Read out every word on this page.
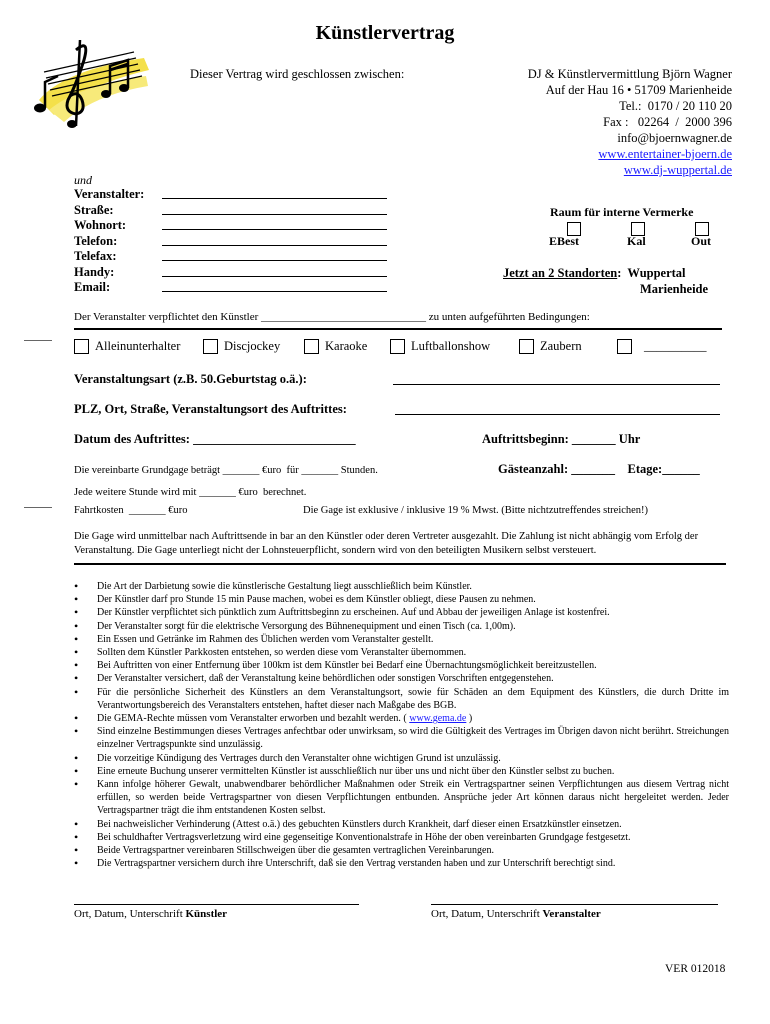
Künstlervertrag
Dieser Vertrag wird geschlossen zwischen:	DJ & Künstlervermittlung Björn Wagner
Auf der Hau 16 • 51709 Marienheide
Tel.:  0170 / 20 110 20
Fax :   02264  /  2000 396
info@bjoernwagner.de
www.entertainer-bjoern.de
www.dj-wuppertal.de
und
Veranstalter:
Straße:
Wohnort:
Telefon:
Telefax:
Handy:
Email:
Raum für interne Vermerke
EBest	Kal	Out
Jetzt an 2 Standorten:  Wuppertal
Marienheide
Der Veranstalter verpflichtet den Künstler ______________________________ zu unten aufgeführten Bedingungen:
Alleinunterhalter	Discjockey	Karaoke	Luftballonshow	Zaubern	__________
Veranstaltungsart (z.B. 50.Geburtstag o.ä.):
PLZ, Ort, Straße, Veranstaltungsort des Auftrittes:
Datum des Auftrittes: __________________________	Auftrittsbeginn: _______ Uhr
Die vereinbarte Grundgage beträgt _______ €uro  für _______ Stunden.	Gästeanzahl: _______    Etage:______
Jede weitere Stunde wird mit _______ €uro  berechnet.
Fahrtkosten  _______ €uro	Die Gage ist exklusive / inklusive 19 % Mwst. (Bitte nichtzutreffendes streichen!)
Die Gage wird unmittelbar nach Auftrittsende in bar an den Künstler oder deren Vertreter ausgezahlt. Die Zahlung ist nicht abhängig vom Erfolg der Veranstaltung. Die Gage unterliegt nicht der Lohnsteuerpflicht, sondern wird von den beteiligten Musikern selbst versteuert.
• Die Art der Darbietung sowie die künstlerische Gestaltung liegt ausschließlich beim Künstler.
• Der Künstler darf pro Stunde 15 min Pause machen, wobei es dem Künstler obliegt, diese Pausen zu nehmen.
• Der Künstler verpflichtet sich pünktlich zum Auftrittsbeginn zu erscheinen. Auf und Abbau der jeweiligen Anlage ist kostenfrei.
• Der Veranstalter sorgt für die elektrische Versorgung des Bühnenequipment und einen Tisch (ca. 1,00m).
• Ein Essen und Getränke im Rahmen des Üblichen werden vom Veranstalter gestellt.
• Sollten dem Künstler Parkkosten entstehen, so werden diese vom Veranstalter übernommen.
• Bei Auftritten von einer Entfernung über 100km ist dem Künstler bei Bedarf eine Übernachtungsmöglichkeit bereitzustellen.
• Der Veranstalter versichert, daß der Veranstaltung keine behördlichen oder sonstigen Vorschriften entgegenstehen.
• Für die persönliche Sicherheit des Künstlers an dem Veranstaltungsort, sowie für Schäden an dem Equipment des Künstlers, die durch Dritte im Verantwortungsbereich des Veranstalters entstehen, haftet dieser nach Maßgabe des BGB.
• Die GEMA-Rechte müssen vom Veranstalter erworben und bezahlt werden. ( www.gema.de )
• Sind einzelne Bestimmungen dieses Vertrages anfechtbar oder unwirksam, so wird die Gültigkeit des Vertrages im Übrigen davon nicht berührt. Streichungen einzelner Vertragspunkte sind unzulässig.
• Die vorzeitige Kündigung des Vertrages durch den Veranstalter ohne wichtigen Grund ist unzulässig.
• Eine erneute Buchung unserer vermittelten Künstler ist ausschließlich nur über uns und nicht über den Künstler selbst zu buchen.
• Kann infolge höherer Gewalt, unabwendbarer behördlicher Maßnahmen oder Streik ein Vertragspartner seinen Verpflichtungen aus diesem Vertrag nicht erfüllen, so werden beide Vertragspartner von diesen Verpflichtungen entbunden. Ansprüche jeder Art können daraus nicht hergeleitet werden. Jeder Vertragspartner trägt die ihm entstandenen Kosten selbst.
• Bei nachweislicher Verhinderung (Attest o.ä.) des gebuchten Künstlers durch Krankheit, darf dieser einen Ersatzkünstler einsetzen.
• Bei schuldhafter Vertragsverletzung wird eine gegenseitige Konventionalstrafe in Höhe der oben vereinbarten Grundgage festgesetzt.
• Beide Vertragspartner vereinbaren Stillschweigen über die gesamten vertraglichen Vereinbarungen.
• Die Vertragspartner versichern durch ihre Unterschrift, daß sie den Vertrag verstanden haben und zur Unterschrift berechtigt sind.
Ort, Datum, Unterschrift Künstler	Ort, Datum, Unterschrift Veranstalter
VER 012018
